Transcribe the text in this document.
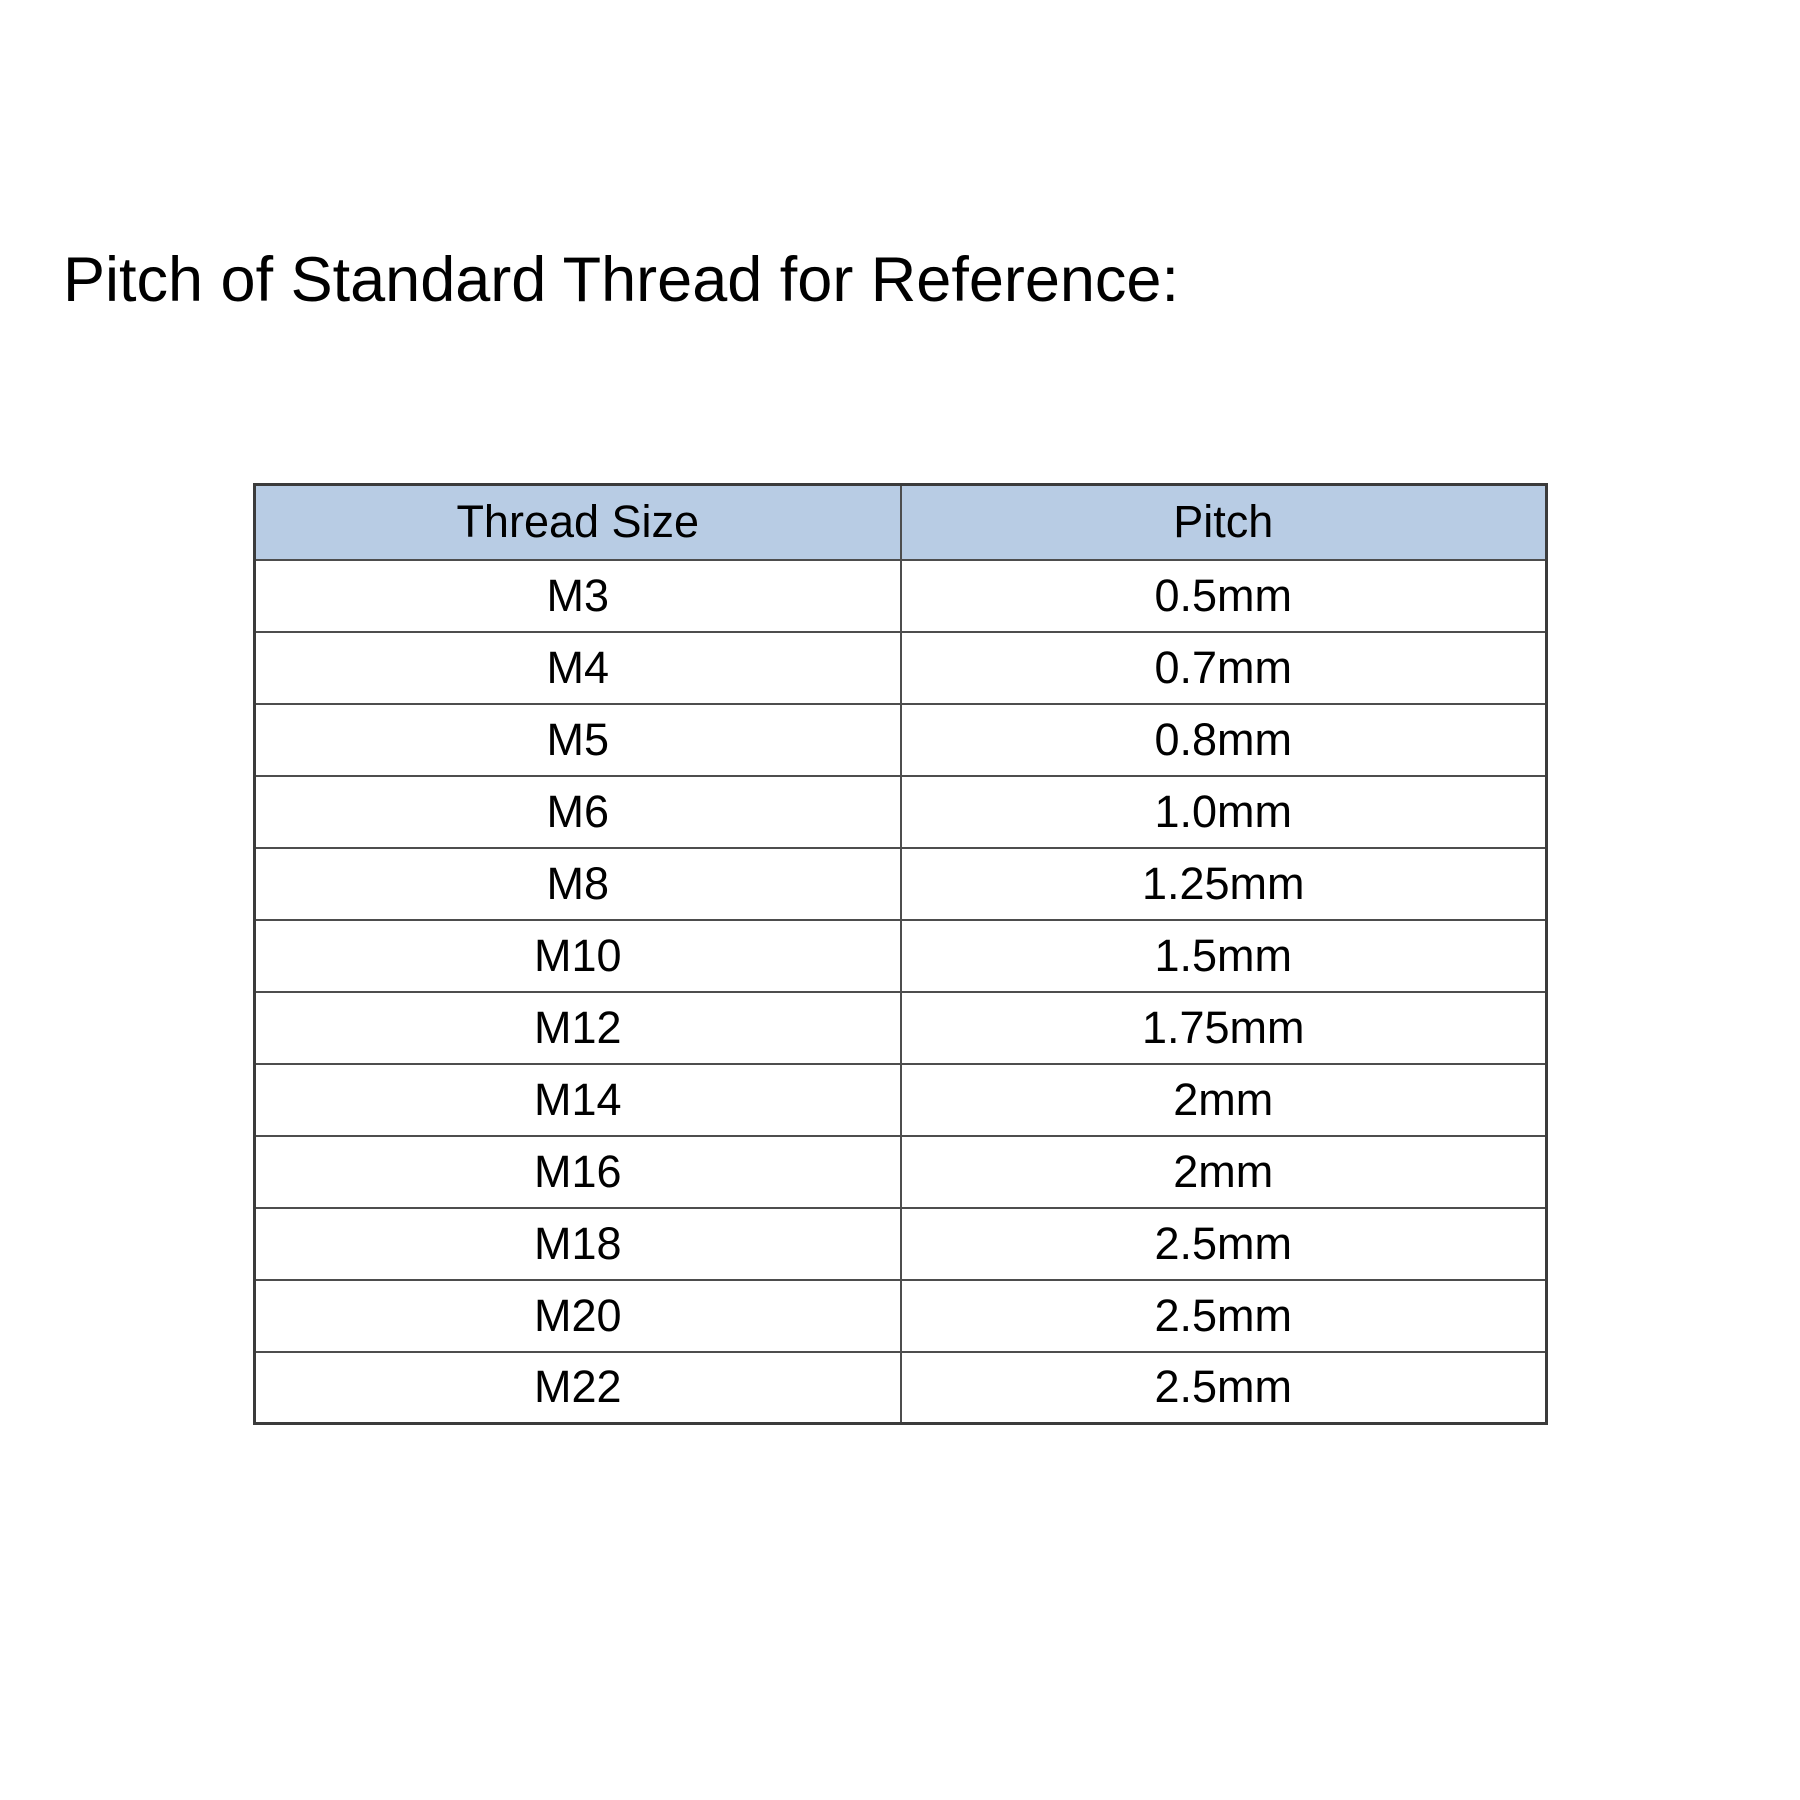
Pitch of Standard Thread for Reference:
Thread Size	Pitch
M3	0.5mm
M4	0.7mm
M5	0.8mm
M6	1.0mm
M8	1.25mm
M10	1.5mm
M12	1.75mm
M14	2mm
M16	2mm
M18	2.5mm
M20	2.5mm
M22	2.5mm
